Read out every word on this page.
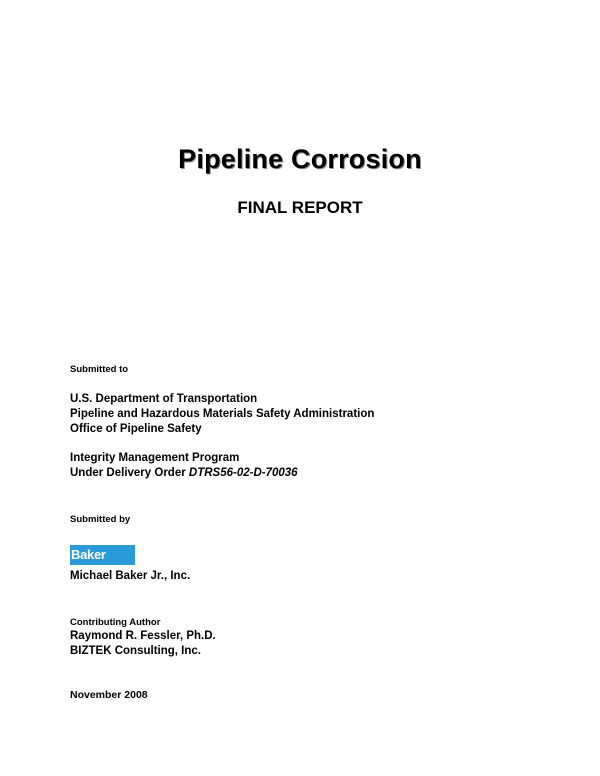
Pipeline Corrosion
FINAL REPORT
Submitted to
U.S. Department of Transportation
Pipeline and Hazardous Materials Safety Administration
Office of Pipeline Safety
Integrity Management Program
Under Delivery Order DTRS56-02-D-70036
Submitted by
Baker
Michael Baker Jr., Inc.
Contributing Author
Raymond R. Fessler, Ph.D.
BIZTEK Consulting, Inc.
November 2008
